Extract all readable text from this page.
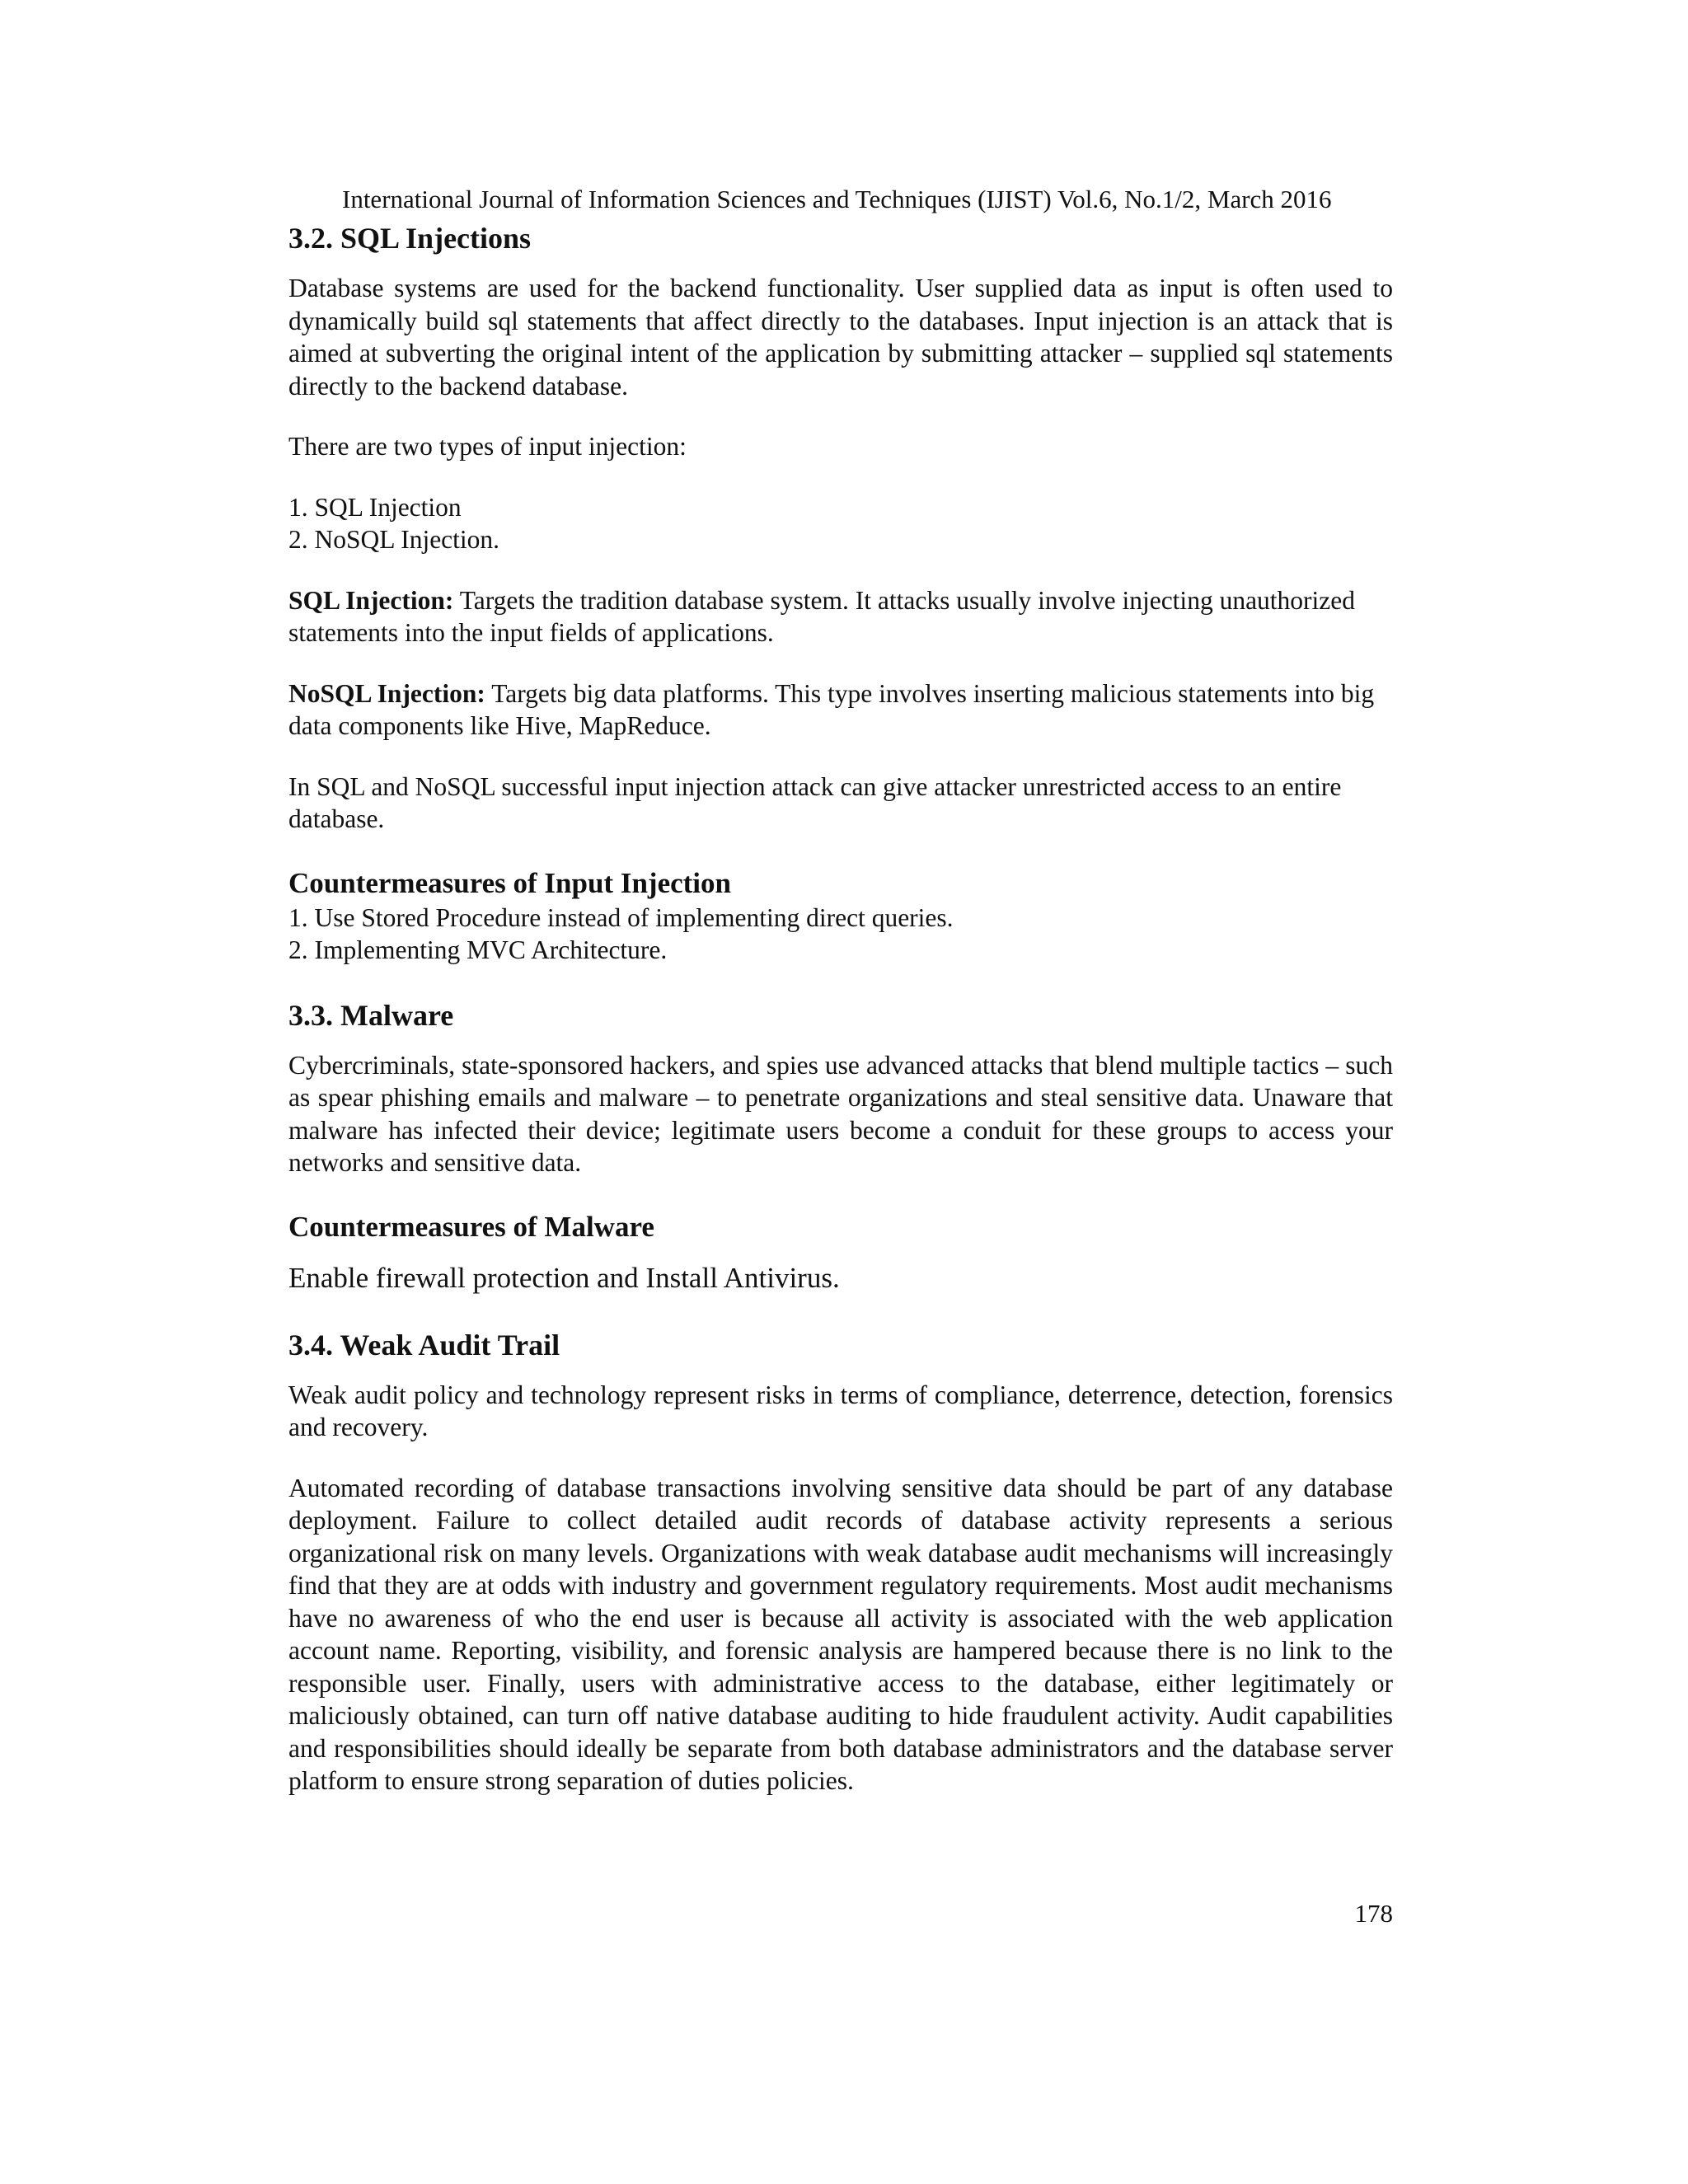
International Journal of Information Sciences and Techniques (IJIST) Vol.6, No.1/2, March 2016
3.2. SQL Injections

Database systems are used for the backend functionality. User supplied data as input is often used to dynamically build sql statements that affect directly to the databases. Input injection is an attack that is aimed at subverting the original intent of the application by submitting attacker – supplied sql statements directly to the backend database.

There are two types of input injection:

1. SQL Injection

2. NoSQL Injection.

SQL Injection: Targets the tradition database system. It attacks usually involve injecting unauthorized statements into the input fields of applications.

NoSQL Injection: Targets big data platforms. This type involves inserting malicious statements into big data components like Hive, MapReduce.

In SQL and NoSQL successful input injection attack can give attacker unrestricted access to an entire database.

Countermeasures of Input Injection

1. Use Stored Procedure instead of implementing direct queries.

2. Implementing MVC Architecture.

3.3. Malware

Cybercriminals, state-sponsored hackers, and spies use advanced attacks that blend multiple tactics – such as spear phishing emails and malware – to penetrate organizations and steal sensitive data. Unaware that malware has infected their device; legitimate users become a conduit for these groups to access your networks and sensitive data.

Countermeasures of Malware

Enable firewall protection and Install Antivirus.

3.4. Weak Audit Trail

Weak audit policy and technology represent risks in terms of compliance, deterrence, detection, forensics and recovery.

Automated recording of database transactions involving sensitive data should be part of any database deployment. Failure to collect detailed audit records of database activity represents a serious organizational risk on many levels. Organizations with weak database audit mechanisms will increasingly find that they are at odds with industry and government regulatory requirements. Most audit mechanisms have no awareness of who the end user is because all activity is associated with the web application account name. Reporting, visibility, and forensic analysis are hampered because there is no link to the responsible user. Finally, users with administrative access to the database, either legitimately or maliciously obtained, can turn off native database auditing to hide fraudulent activity. Audit capabilities and responsibilities should ideally be separate from both database administrators and the database server platform to ensure strong separation of duties policies.

178
